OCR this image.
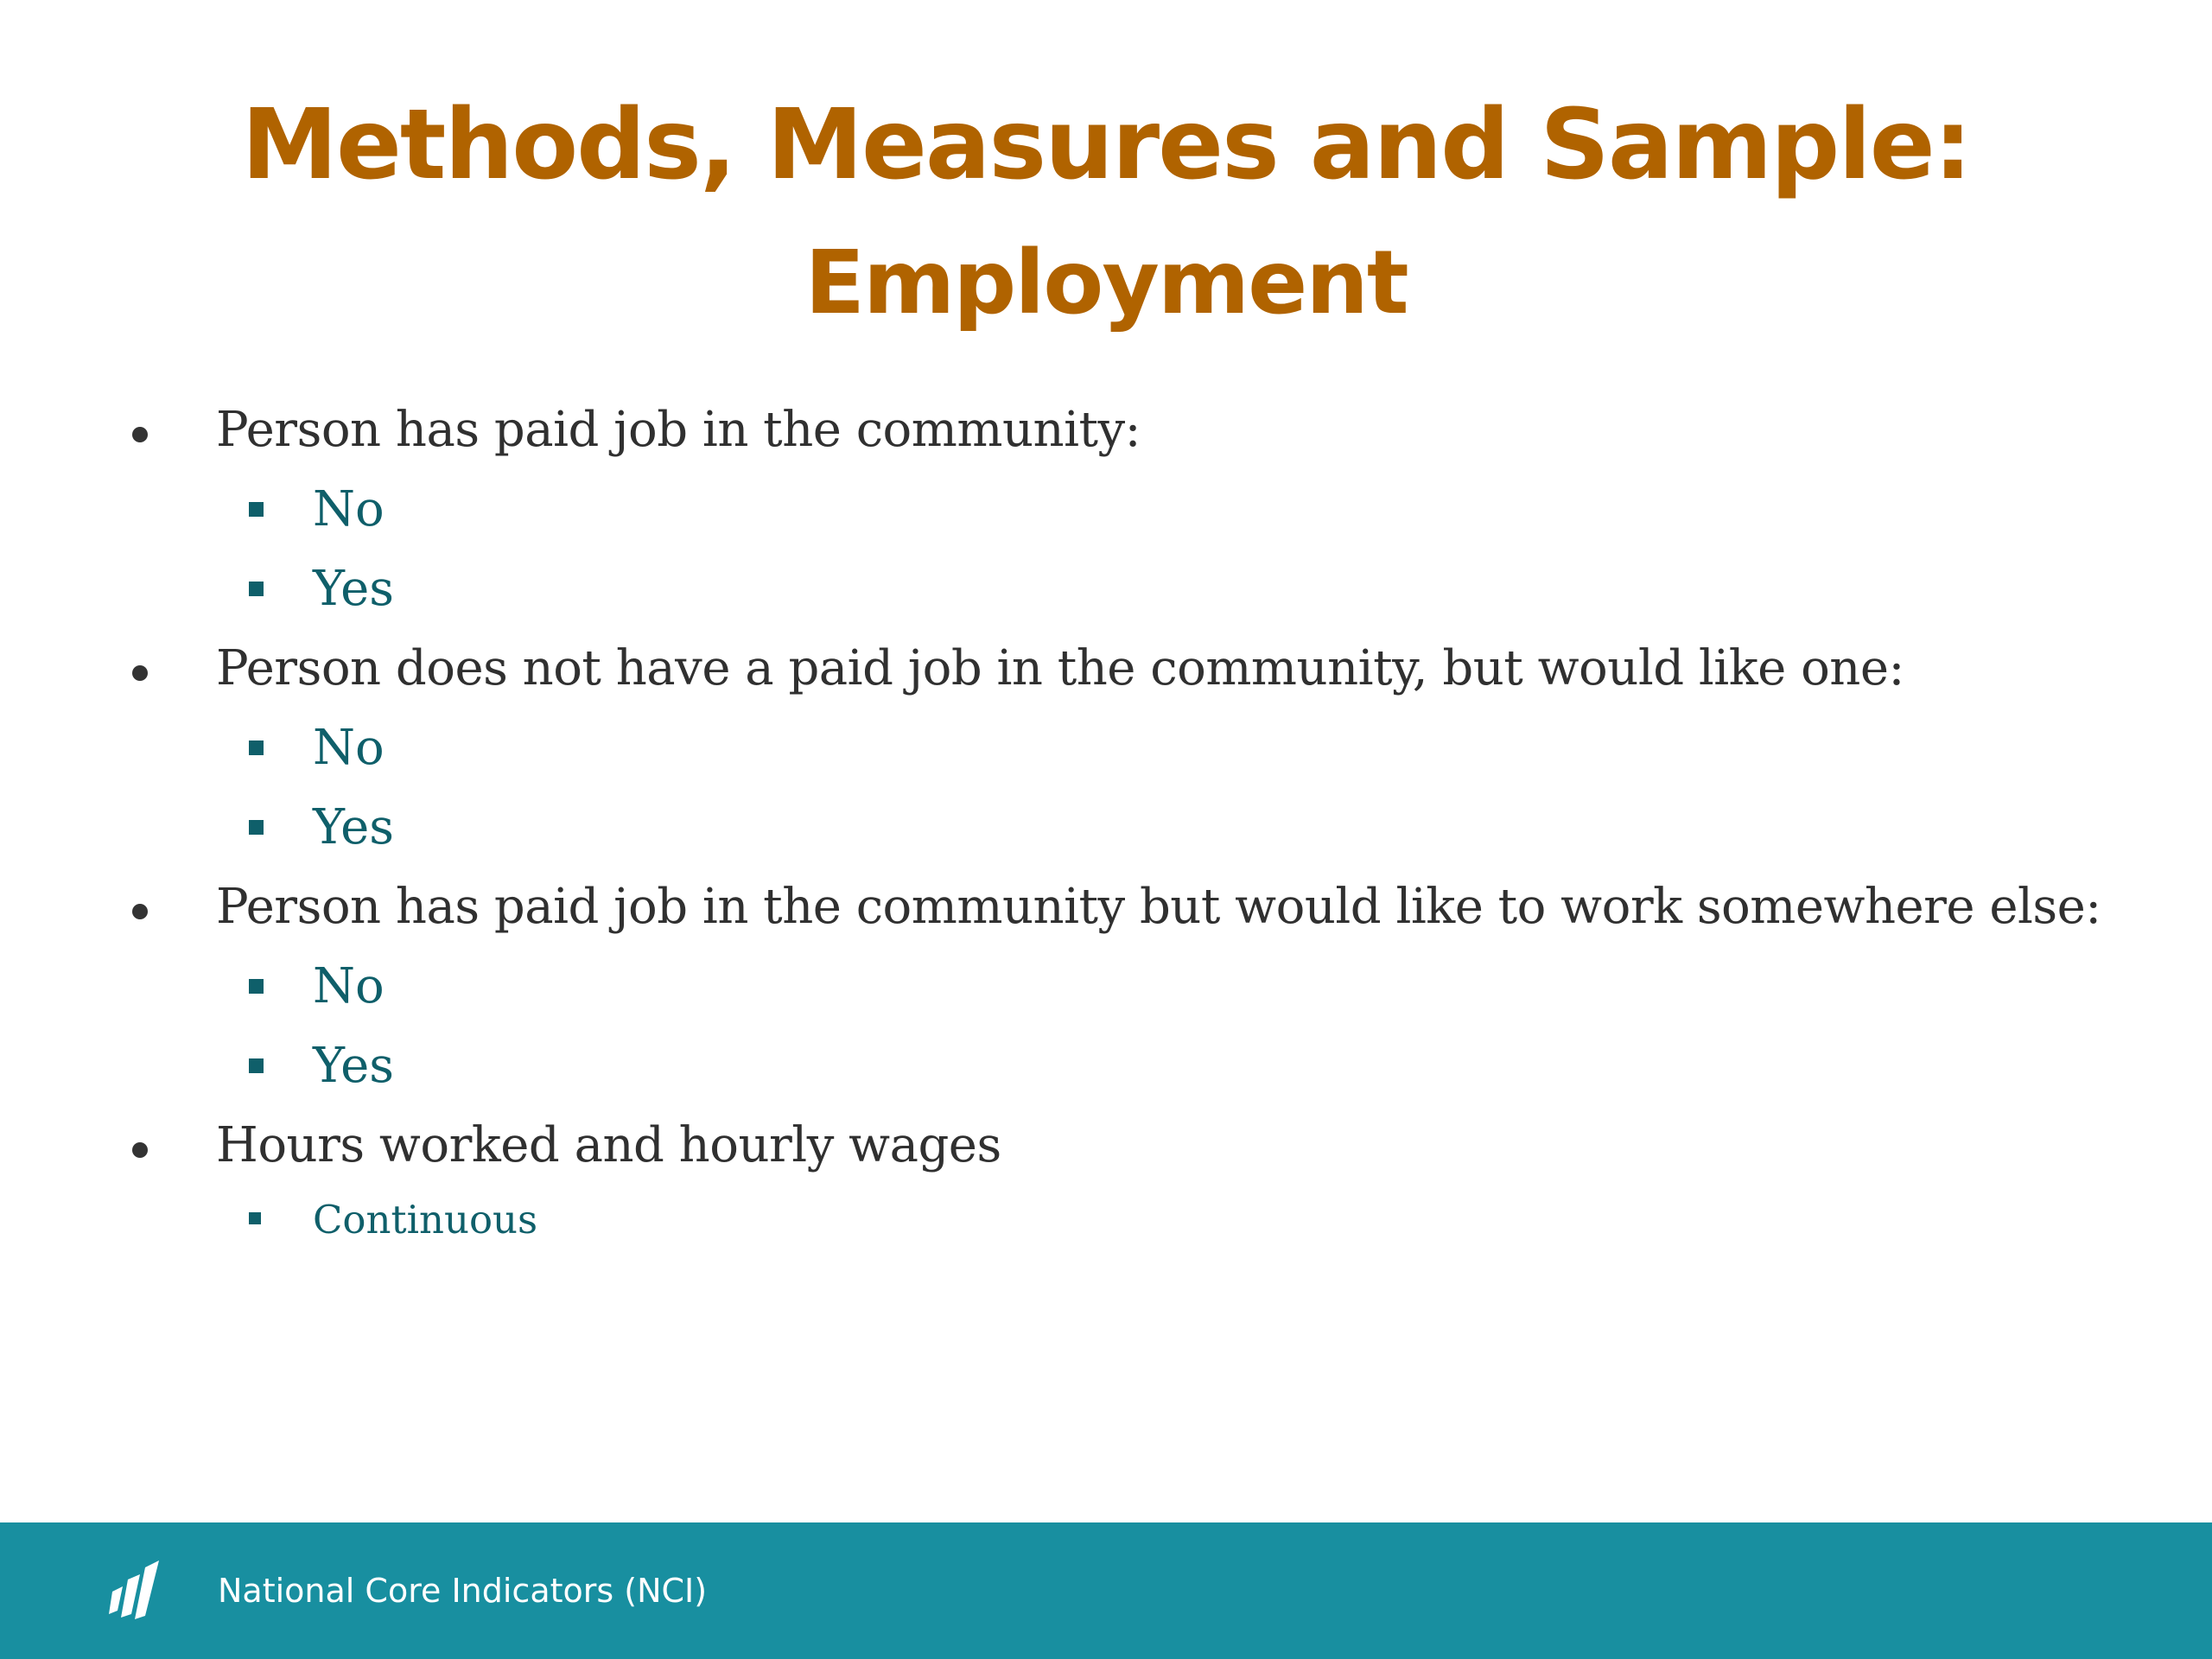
Methods, Measures and Sample:
Employment
Person has paid job in the community:
No
Yes
Person does not have a paid job in the community, but would like one:
No
Yes
Person has paid job in the community but would like to work somewhere else:
No
Yes
Hours worked and hourly wages
Continuous
National Core Indicators (NCI)
